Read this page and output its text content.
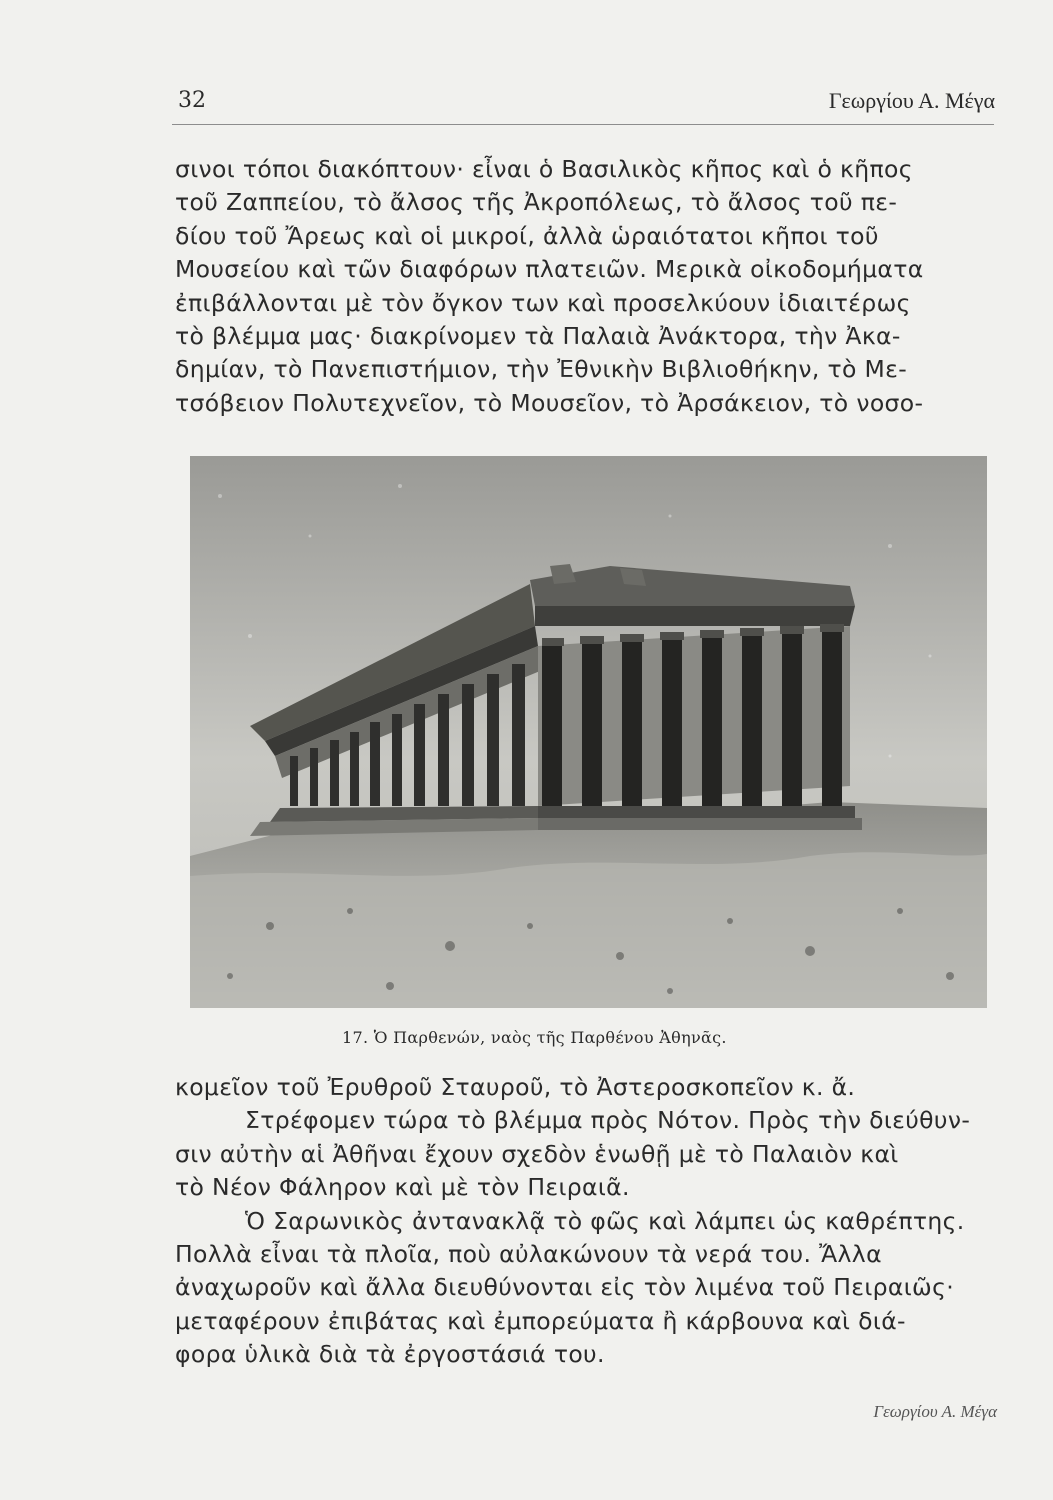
32	Γεωργίου Α. Μέγα
σινοι τόποι διακόπτουν· εἶναι ὁ Βασιλικὸς κῆπος καὶ ὁ κῆπος
τοῦ Ζαππείου, τὸ ἄλσος τῆς Ἀκροπόλεως, τὸ ἄλσος τοῦ πε-
δίου τοῦ Ἄρεως καὶ οἱ μικροί, ἀλλὰ ὡραιότατοι κῆποι τοῦ
Μουσείου καὶ τῶν διαφόρων πλατειῶν. Μερικὰ οἰκοδομήματα
ἐπιβάλλονται μὲ τὸν ὄγκον των καὶ προσελκύουν ἰδιαιτέρως
τὸ βλέμμα μας· διακρίνομεν τὰ Παλαιὰ Ἀνάκτορα, τὴν Ἀκα-
δημίαν, τὸ Πανεπιστήμιον, τὴν Ἐθνικὴν Βιβλιοθήκην, τὸ Με-
τσόβειον Πολυτεχνεῖον, τὸ Μουσεῖον, τὸ Ἀρσάκειον, τὸ νοσο-
17. Ὁ Παρθενών, ναὸς τῆς Παρθένου Ἀθηνᾶς.
κομεῖον τοῦ Ἐρυθροῦ Σταυροῦ, τὸ Ἀστεροσκοπεῖον κ. ἄ.
Στρέφομεν τώρα τὸ βλέμμα πρὸς Νότον. Πρὸς τὴν διεύθυν-
σιν αὐτὴν αἱ Ἀθῆναι ἔχουν σχεδὸν ἑνωθῇ μὲ τὸ Παλαιὸν καὶ
τὸ Νέον Φάληρον καὶ μὲ τὸν Πειραιᾶ.
Ὁ Σαρωνικὸς ἀντανακλᾷ τὸ φῶς καὶ λάμπει ὡς καθρέπτης.
Πολλὰ εἶναι τὰ πλοῖα, ποὺ αὐλακώνουν τὰ νερά του. Ἄλλα
ἀναχωροῦν καὶ ἄλλα διευθύνονται εἰς τὸν λιμένα τοῦ Πειραιῶς·
μεταφέρουν ἐπιβάτας καὶ ἐμπορεύματα ἢ κάρβουνα καὶ διά-
φορα ὑλικὰ διὰ τὰ ἐργοστάσιά του.
Γεωργίου Α. Μέγα
